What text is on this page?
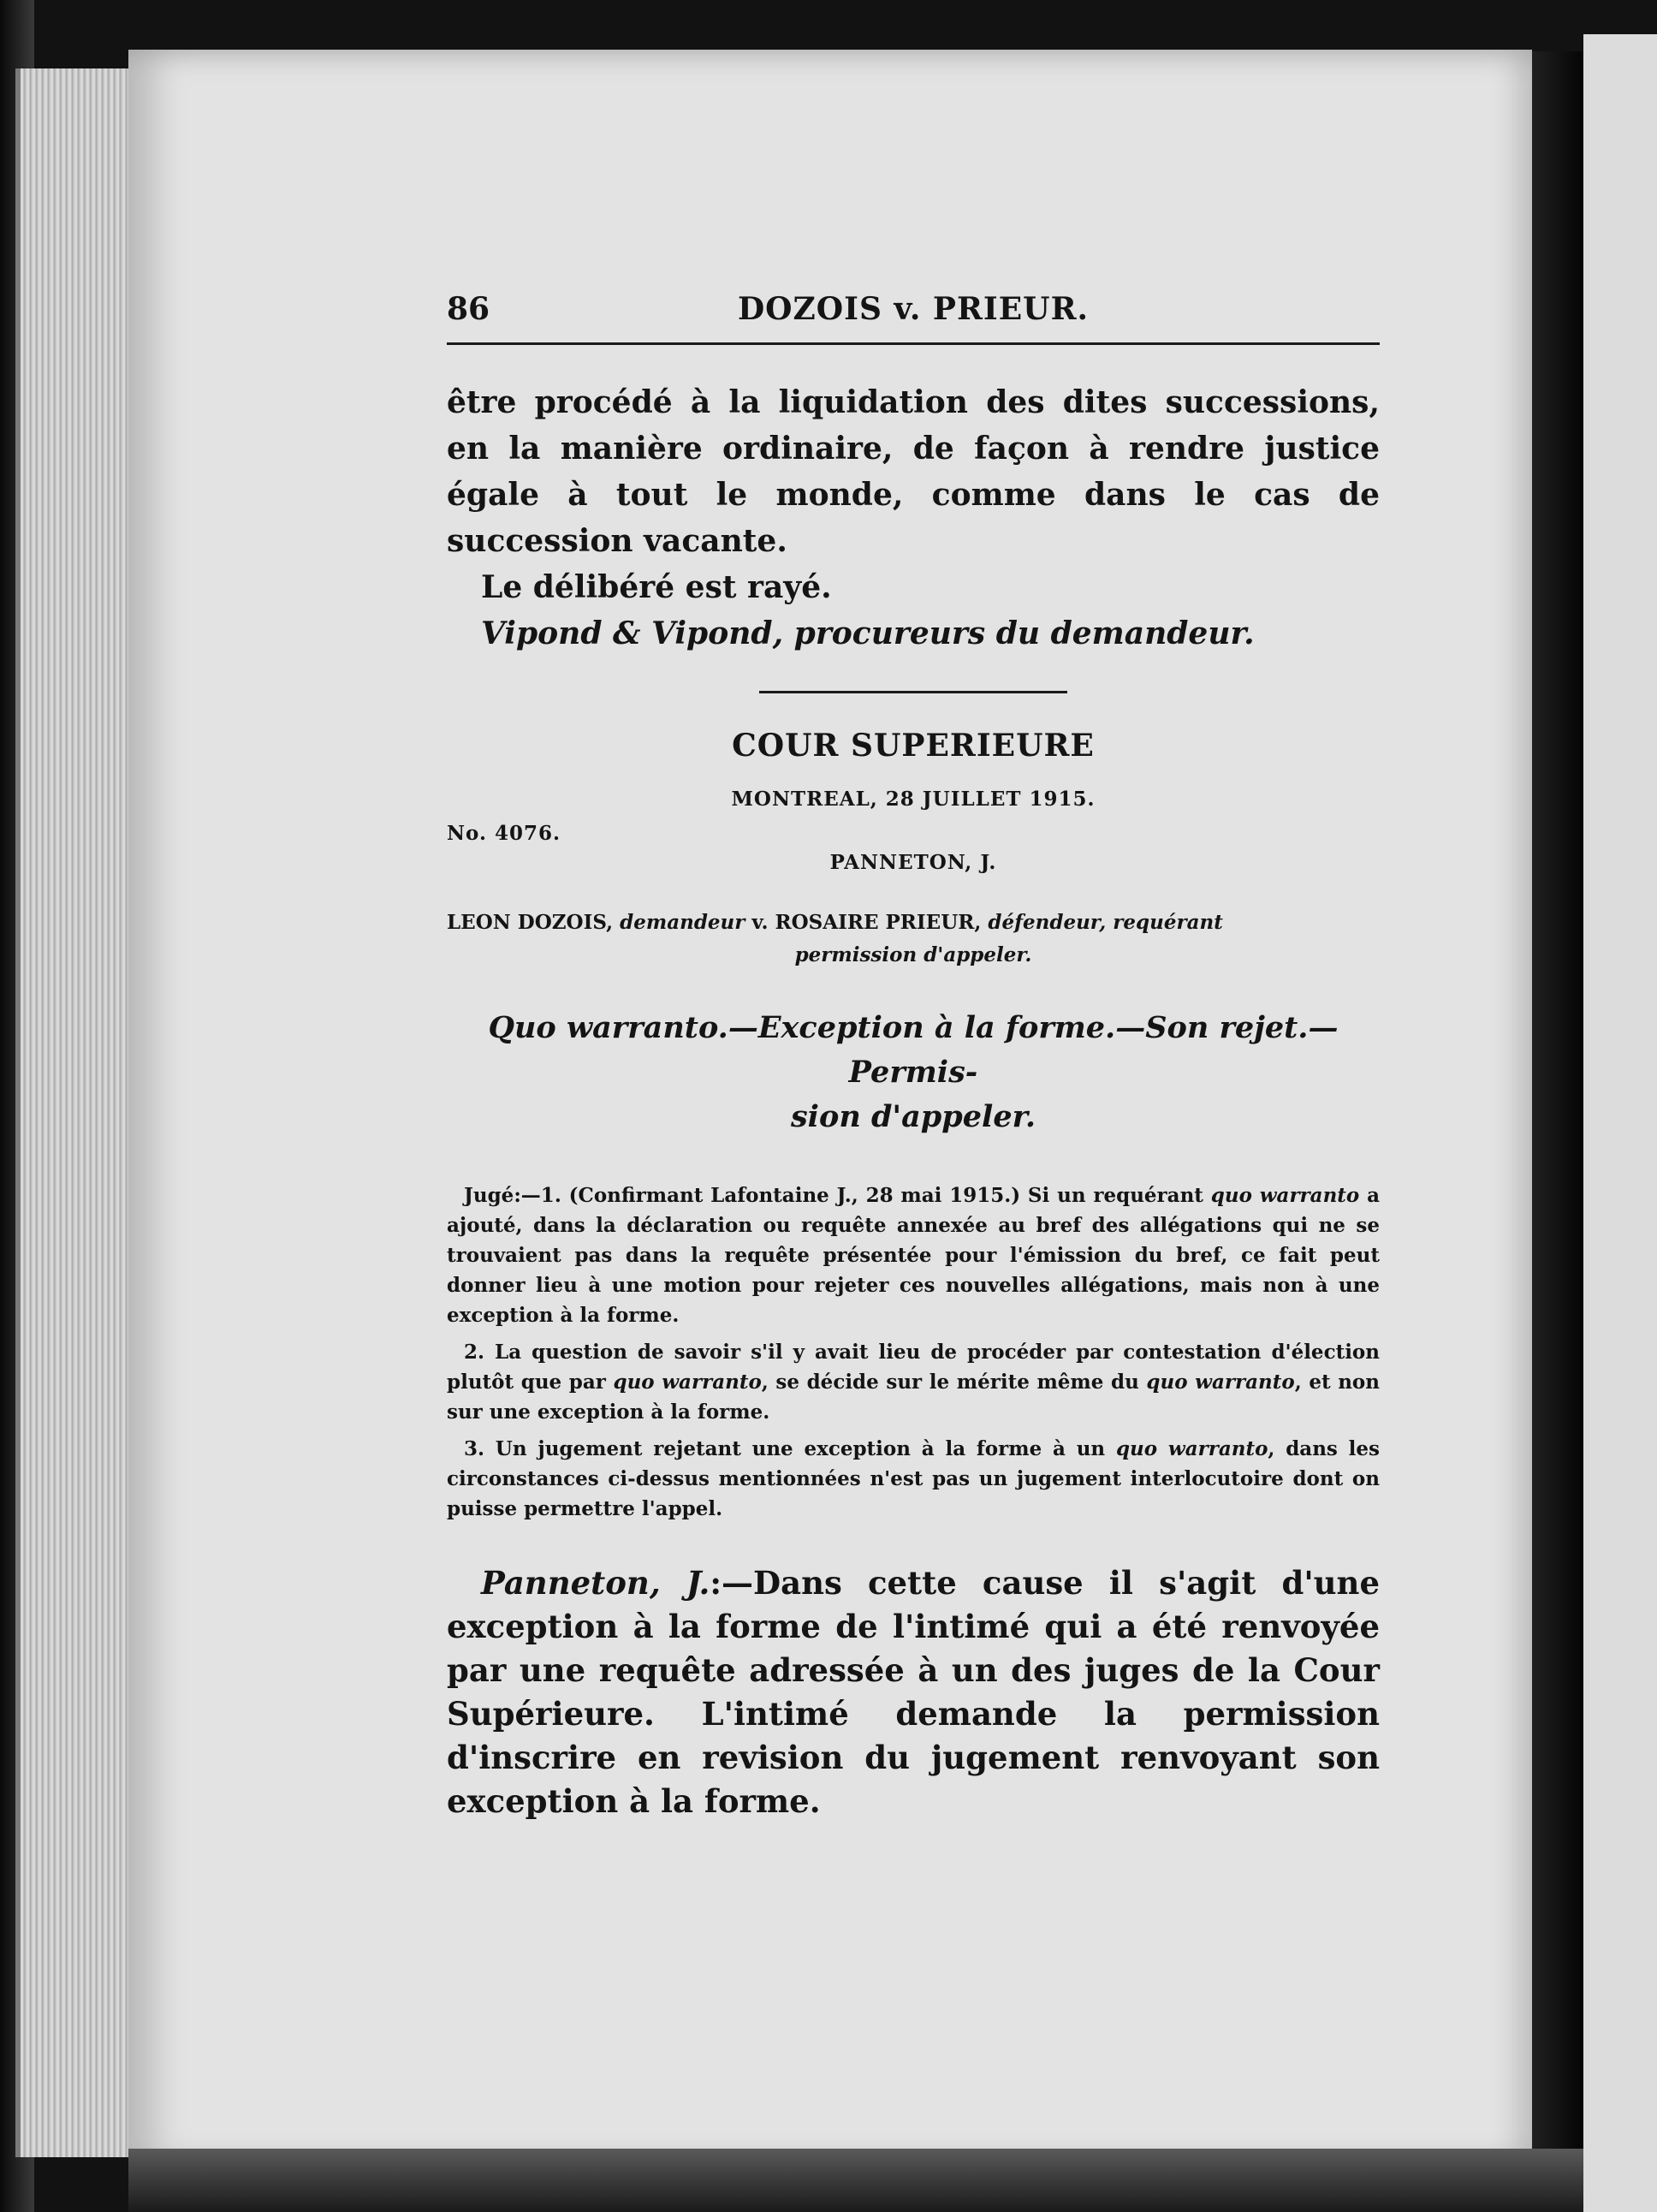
86	DOZOIS v. PRIEUR.

être procédé à la liquidation des dites successions, en la manière ordinaire, de façon à rendre justice égale à tout le monde, comme dans le cas de succession vacante.

Le délibéré est rayé.

Vipond & Vipond, procureurs du demandeur.

COUR SUPERIEURE
MONTREAL, 28 JUILLET 1915.
No. 4076.
PANNETON, J.
LEON DOZOIS, demandeur v. ROSAIRE PRIEUR, défendeur, requérant
permission d'appeler.
Quo warranto.—Exception à la forme.—Son rejet.—Permis-
sion d'appeler.

Jugé:—1. (Confirmant Lafontaine J., 28 mai 1915.) Si un requérant quo warranto a ajouté, dans la déclaration ou requête annexée au bref des allégations qui ne se trouvaient pas dans la requête présentée pour l'émission du bref, ce fait peut donner lieu à une motion pour rejeter ces nouvelles allégations, mais non à une exception à la forme.

2. La question de savoir s'il y avait lieu de procéder par contestation d'élection plutôt que par quo warranto, se décide sur le mérite même du quo warranto, et non sur une exception à la forme.

3. Un jugement rejetant une exception à la forme à un quo warranto, dans les circonstances ci-dessus mentionnées n'est pas un jugement interlocutoire dont on puisse permettre l'appel.

Panneton, J.:—Dans cette cause il s'agit d'une exception à la forme de l'intimé qui a été renvoyée par une requête adressée à un des juges de la Cour Supérieure. L'intimé demande la permission d'inscrire en revision du jugement renvoyant son exception à la forme.
